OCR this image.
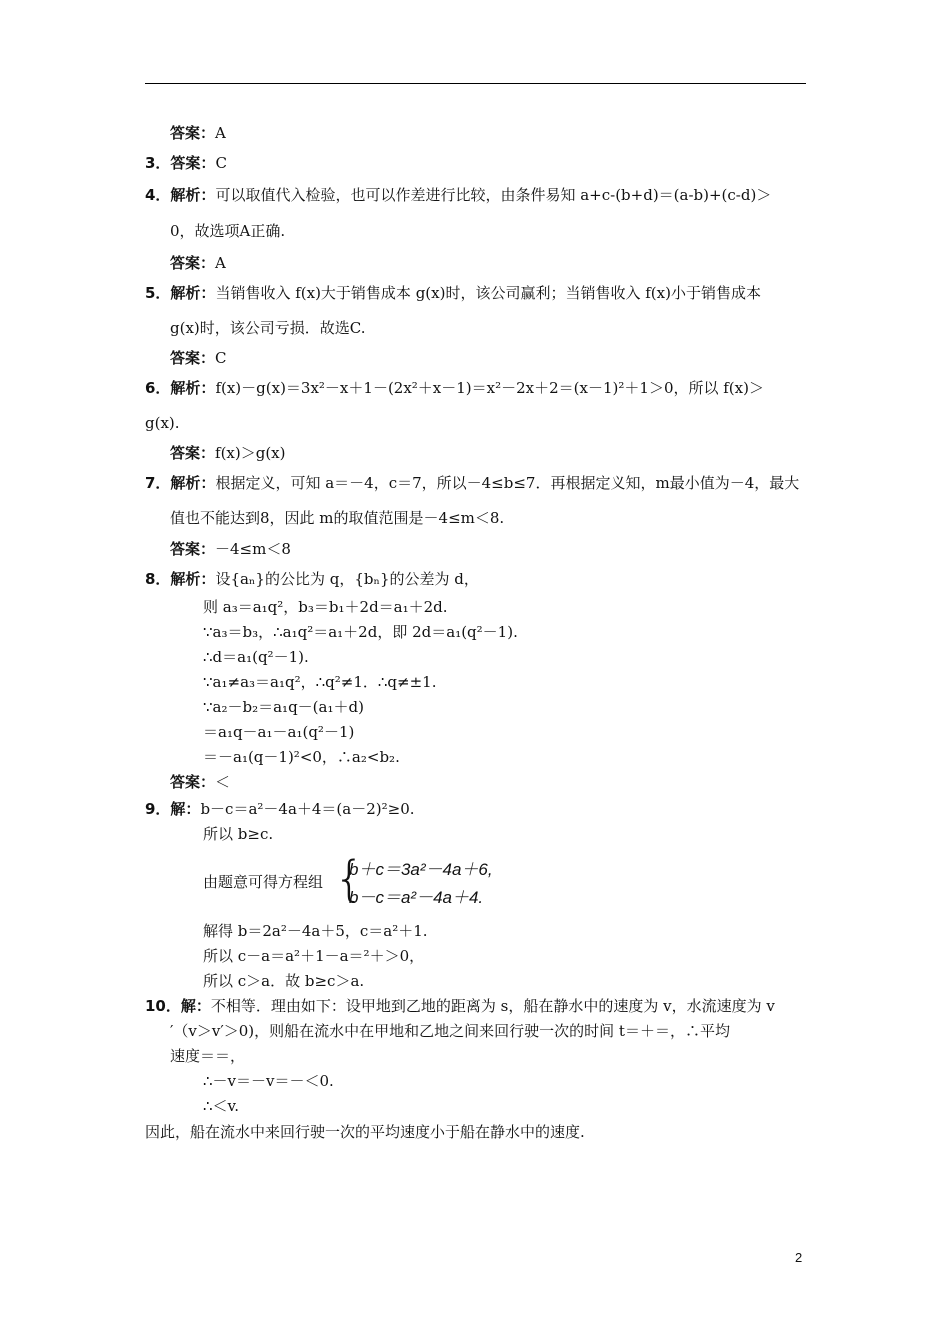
答案：A
3．答案：C
4．解析：可以取值代入检验，也可以作差进行比较，由条件易知 a+c-(b+d)＝(a-b)+(c-d)＞
0，故选项A正确.
答案：A
5．解析：当销售收入 f(x)大于销售成本 g(x)时，该公司赢利；当销售收入 f(x)小于销售成本
g(x)时，该公司亏损．故选C.
答案：C
6．解析：f(x)－g(x)＝3x²－x＋1－(2x²＋x－1)＝x²－2x＋2＝(x－1)²＋1＞0，所以 f(x)＞
g(x).
答案：f(x)＞g(x)
7．解析：根据定义，可知 a＝－4，c＝7，所以－4≤b≤7．再根据定义知，m最小值为－4，最大
值也不能达到8，因此 m的取值范围是－4≤m＜8.
答案：－4≤m＜8
8．解析：设{aₙ}的公比为 q，{bₙ}的公差为 d，
则 a₃＝a₁q²，b₃＝b₁＋2d＝a₁＋2d.
∵a₃＝b₃，∴a₁q²＝a₁＋2d，即 2d＝a₁(q²－1).
∴d＝a₁(q²－1).
∵a₁≠a₃＝a₁q²，∴q²≠1．∴q≠±1.
∵a₂－b₂＝a₁q－(a₁＋d)
＝a₁q－a₁－a₁(q²－1)
＝－a₁(q－1)²<0，∴a₂<b₂.
答案：＜
9．解：b－c＝a²－4a＋4＝(a－2)²≥0.
所以 b≥c.
解得 b＝2a²－4a＋5，c＝a²＋1.
所以 c－a＝a²＋1－a＝²＋＞0，
所以 c＞a．故 b≥c＞a.
10．解：不相等．理由如下：设甲地到乙地的距离为 s，船在静水中的速度为 v，水流速度为 v
′（v＞v′＞0)，则船在流水中在甲地和乙地之间来回行驶一次的时间 t＝＋＝，∴平均
速度＝＝，
∴－v＝－v＝－＜0.
∴＜v.
因此，船在流水中来回行驶一次的平均速度小于船在静水中的速度.
由题意可得方程组 {
b＋c＝3a²－4a＋6,
b－c＝a²－4a＋4.
2
